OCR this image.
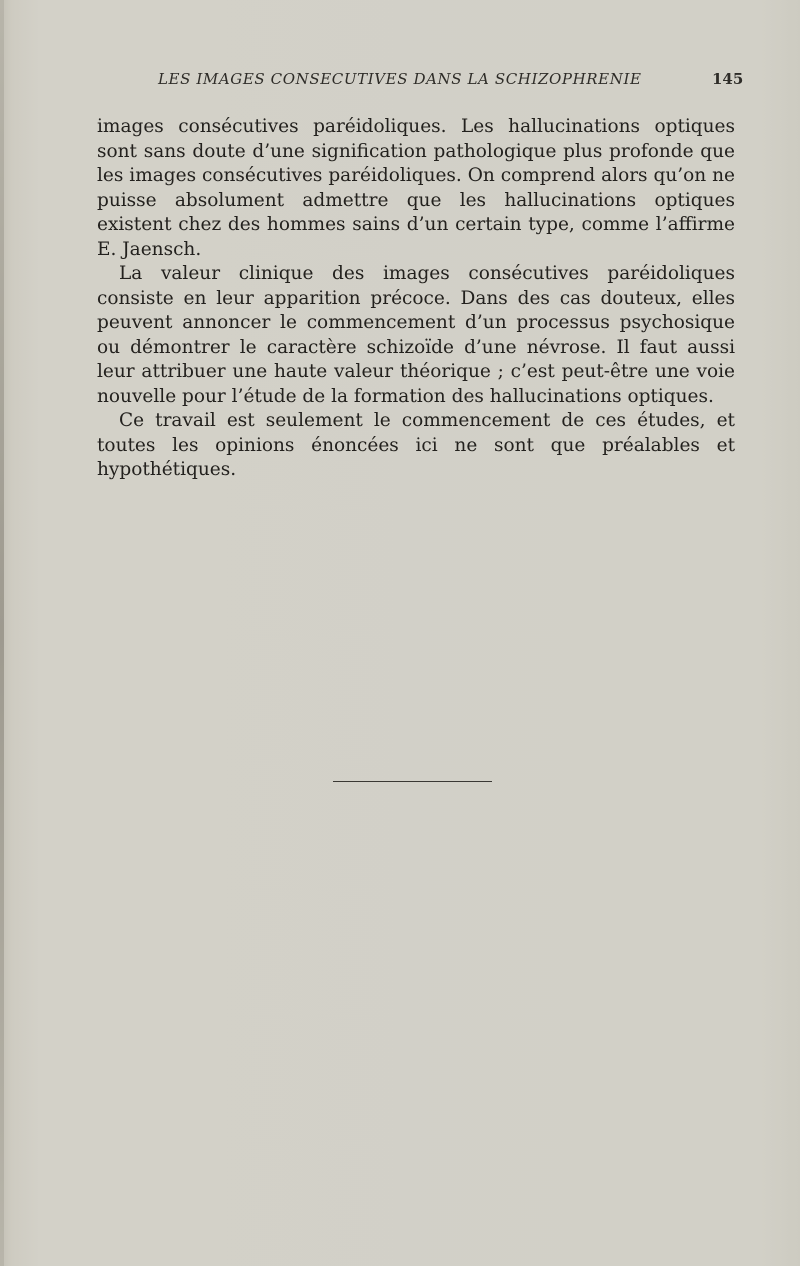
LES IMAGES CONSECUTIVES DANS LA SCHIZOPHRENIE	145

images consécutives paréidoliques. Les hallucinations optiques sont sans doute d’une signification pathologique plus profonde que les images consécutives paréidoliques. On comprend alors qu’on ne puisse absolument admettre que les hallucinations optiques existent chez des hommes sains d’un certain type, comme l’affirme E. Jaensch.

La valeur clinique des images consécutives paréidoliques consiste en leur apparition précoce. Dans des cas douteux, elles peuvent annoncer le commencement d’un processus psychosique ou démontrer le caractère schizoïde d’une névrose. Il faut aussi leur attribuer une haute valeur théorique ; c’est peut-être une voie nouvelle pour l’étude de la formation des hallucinations optiques.

Ce travail est seulement le commencement de ces études, et toutes les opinions énoncées ici ne sont que préalables et hypothétiques.
